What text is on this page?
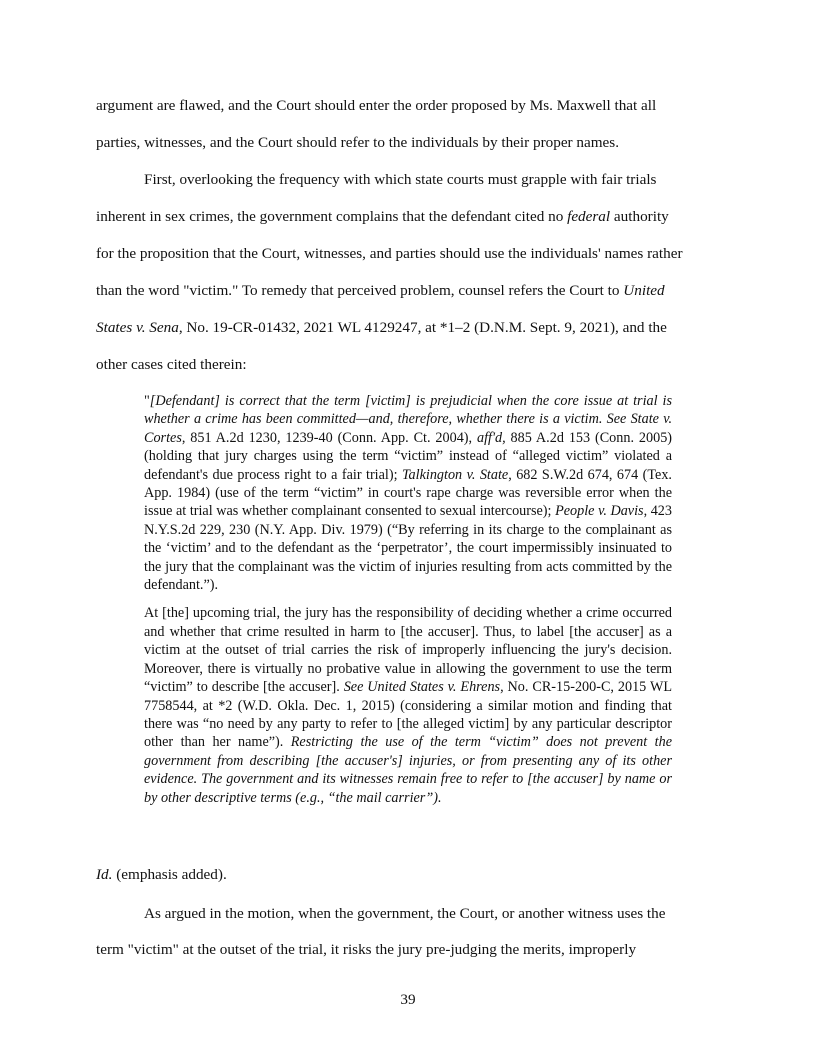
argument are flawed, and the Court should enter the order proposed by Ms. Maxwell that all
parties, witnesses, and the Court should refer to the individuals by their proper names.
First, overlooking the frequency with which state courts must grapple with fair trials
inherent in sex crimes, the government complains that the defendant cited no federal authority
for the proposition that the Court, witnesses, and parties should use the individuals' names rather
than the word "victim." To remedy that perceived problem, counsel refers the Court to United
States v. Sena, No. 19-CR-01432, 2021 WL 4129247, at *1–2 (D.N.M. Sept. 9, 2021), and the
other cases cited therein:

"[Defendant] is correct that the term [victim] is prejudicial when the core issue at trial is whether a crime has been committed—and, therefore, whether there is a victim. See State v. Cortes, 851 A.2d 1230, 1239-40 (Conn. App. Ct. 2004), aff'd, 885 A.2d 153 (Conn. 2005) (holding that jury charges using the term “victim” instead of “alleged victim” violated a defendant's due process right to a fair trial); Talkington v. State, 682 S.W.2d 674, 674 (Tex. App. 1984) (use of the term “victim” in court's rape charge was reversible error when the issue at trial was whether complainant consented to sexual intercourse); People v. Davis, 423 N.Y.S.2d 229, 230 (N.Y. App. Div. 1979) (“By referring in its charge to the complainant as the ‘victim’ and to the defendant as the ‘perpetrator’, the court impermissibly insinuated to the jury that the complainant was the victim of injuries resulting from acts committed by the defendant.”).

At [the] upcoming trial, the jury has the responsibility of deciding whether a crime occurred and whether that crime resulted in harm to [the accuser]. Thus, to label [the accuser] as a victim at the outset of trial carries the risk of improperly influencing the jury's decision. Moreover, there is virtually no probative value in allowing the government to use the term “victim” to describe [the accuser]. See United States v. Ehrens, No. CR-15-200-C, 2015 WL 7758544, at *2 (W.D. Okla. Dec. 1, 2015) (considering a similar motion and finding that there was “no need by any party to refer to [the alleged victim] by any particular descriptor other than her name”). Restricting the use of the term “victim” does not prevent the government from describing [the accuser's] injuries, or from presenting any of its other evidence. The government and its witnesses remain free to refer to [the accuser] by name or by other descriptive terms (e.g., “the mail carrier”).

Id. (emphasis added).
As argued in the motion, when the government, the Court, or another witness uses the
term "victim" at the outset of the trial, it risks the jury pre-judging the merits, improperly
39
